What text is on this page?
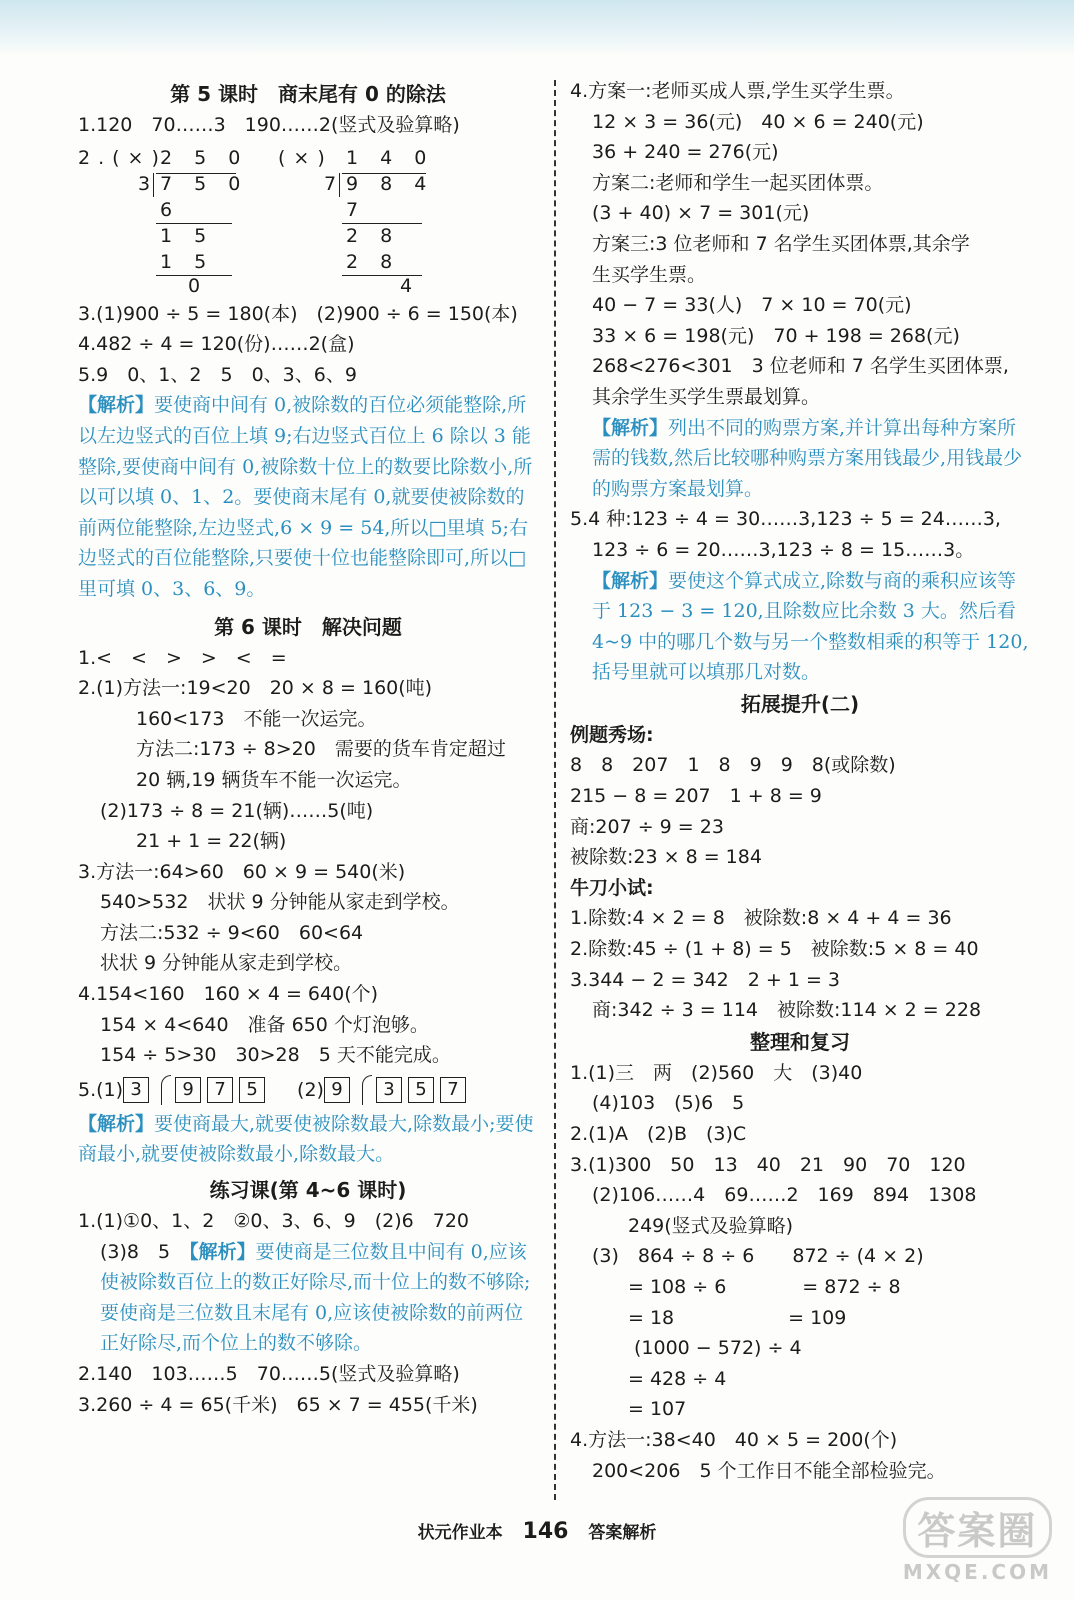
第 5 课时　商末尾有 0 的除法
1.120　70……3　190……2(竖式及验算略)
2.(×)	(×)
2 5 0
3 7 5 0
6
1 5
1 5
0
1 4 0
7 9 8 4
7
2 8
2 8
4
3.(1)900 ÷ 5 = 180(本)　(2)900 ÷ 6 = 150(本)
4.482 ÷ 4 = 120(份)……2(盒)
5.9　0、1、2　5　0、3、6、9
【解析】要使商中间有 0,被除数的百位必须能整除,所以左边竖式的百位上填 9;右边竖式百位上 6 除以 3 能整除,要使商中间有 0,被除数十位上的数要比除数小,所以可以填 0、1、2。要使商末尾有 0,就要使被除数的前两位能整除,左边竖式,6 × 9 = 54,所以□里填 5;右边竖式的百位能整除,只要使十位也能整除即可,所以□里可填 0、3、6、9。
第 6 课时　解决问题
1.<　<　>　>　<　=
2.(1)方法一:19<20　20 × 8 = 160(吨)
160<173　不能一次运完。
方法二:173 ÷ 8>20　需要的货车肯定超过
20 辆,19 辆货车不能一次运完。
(2)173 ÷ 8 = 21(辆)……5(吨)
21 + 1 = 22(辆)
3.方法一:64>60　60 × 9 = 540(米)
540>532　状状 9 分钟能从家走到学校。
方法二:532 ÷ 9<60　60<64
状状 9 分钟能从家走到学校。
4.154<160　160 × 4 = 640(个)
154 × 4<640　准备 650 个灯泡够。
154 ÷ 5>30　30>28　5 天不能完成。
5.(1) 3	9	7	5	(2) 9	3	5	7
【解析】要使商最大,就要使被除数最大,除数最小;要使商最小,就要使被除数最小,除数最大。
练习课(第 4~6 课时)
1.(1)①0、1、2　②0、3、6、9　(2)6　720
(3)8　5　【解析】要使商是三位数且中间有 0,应该使被除数百位上的数正好除尽,而十位上的数不够除;要使商是三位数且末尾有 0,应该使被除数的前两位正好除尽,而个位上的数不够除。
2.140　103……5　70……5(竖式及验算略)
3.260 ÷ 4 = 65(千米)　65 × 7 = 455(千米)
4.方案一:老师买成人票,学生买学生票。
12 × 3 = 36(元)　40 × 6 = 240(元)
36 + 240 = 276(元)
方案二:老师和学生一起买团体票。
(3 + 40) × 7 = 301(元)
方案三:3 位老师和 7 名学生买团体票,其余学
生买学生票。
40 − 7 = 33(人)　7 × 10 = 70(元)
33 × 6 = 198(元)　70 + 198 = 268(元)
268<276<301　3 位老师和 7 名学生买团体票,
其余学生买学生票最划算。
【解析】列出不同的购票方案,并计算出每种方案所需的钱数,然后比较哪种购票方案用钱最少,用钱最少的购票方案最划算。
5.4 种:123 ÷ 4 = 30……3,123 ÷ 5 = 24……3,
123 ÷ 6 = 20……3,123 ÷ 8 = 15……3。
【解析】要使这个算式成立,除数与商的乘积应该等于 123 − 3 = 120,且除数应比余数 3 大。然后看 4~9 中的哪几个数与另一个整数相乘的积等于 120,括号里就可以填那几对数。
拓展提升(二)
例题秀场:
8　8　207　1　8　9　9　8(或除数)
215 − 8 = 207　1 + 8 = 9
商:207 ÷ 9 = 23
被除数:23 × 8 = 184
牛刀小试:
1.除数:4 × 2 = 8　被除数:8 × 4 + 4 = 36
2.除数:45 ÷ (1 + 8) = 5　被除数:5 × 8 = 40
3.344 − 2 = 342　2 + 1 = 3
商:342 ÷ 3 = 114　被除数:114 × 2 = 228
整理和复习
1.(1)三　两　(2)560　大　(3)40
(4)103　(5)6　5
2.(1)A　(2)B　(3)C
3.(1)300　50　13　40　21　90　70　120
(2)106……4　69……2　169　894　1308
249(竖式及验算略)
(3)　864 ÷ 8 ÷ 6　　872 ÷ (4 × 2)
= 108 ÷ 6　　　　= 872 ÷ 8
= 18　　　　　　= 109
(1000 − 572) ÷ 4
= 428 ÷ 4
= 107
4.方法一:38<40　40 × 5 = 200(个)
200<206　5 个工作日不能全部检验完。
状元作业本 146 答案解析	答案圈
MXQE.COM
